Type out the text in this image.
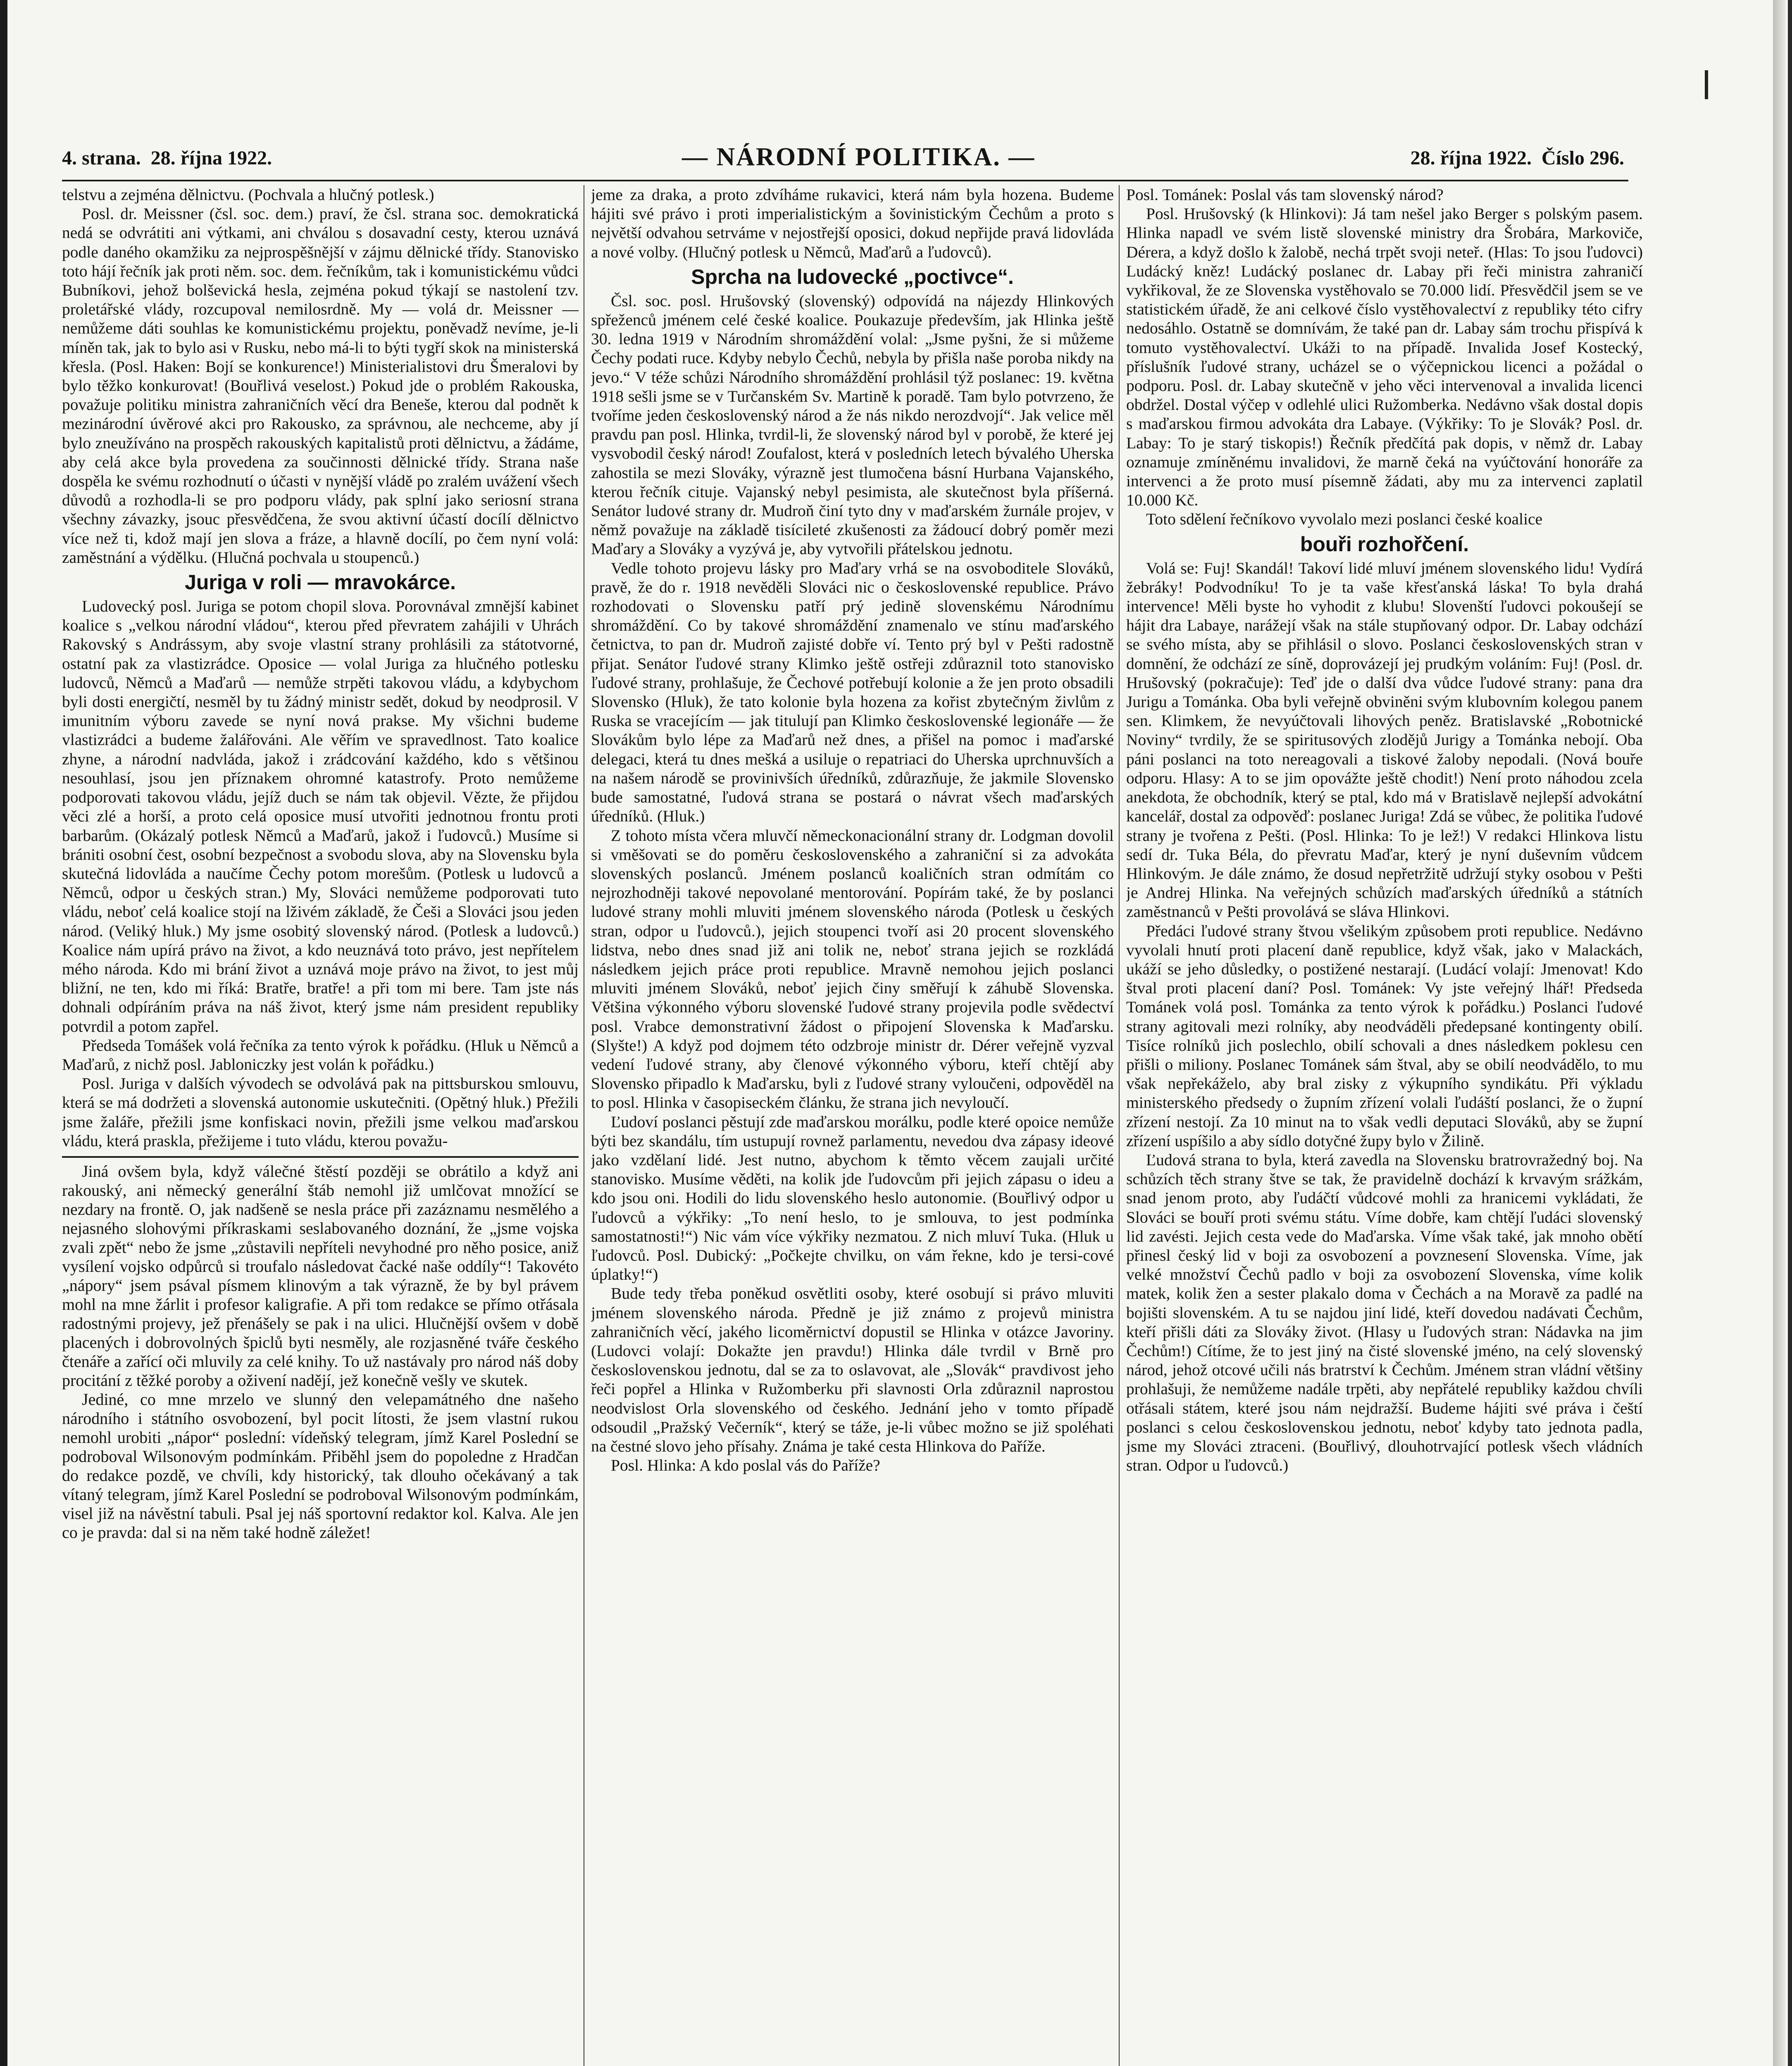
4. strana. 28. října 1922.	— NÁRODNÍ POLITIKA. —	28. října 1922. Číslo 296.

telstvu a zejména dělnictvu. (Pochvala a hlučný potlesk.)

Posl. dr. Meissner (čsl. soc. dem.) praví, že čsl. strana soc. demokratická nedá se odvrátiti ani výtkami, ani chválou s dosavadní cesty, kterou uznává podle daného okamžiku za nejprospěšnější v zájmu dělnické třídy. Stanovisko toto hájí řečník jak proti něm. soc. dem. řečníkům, tak i komunistickému vůdci Bubníkovi, jehož bolševická hesla, zejména pokud týkají se nastolení tzv. proletářské vlády, rozcupoval nemilosrdně. My — volá dr. Meissner — nemůžeme dáti souhlas ke komunistickému projektu, poněvadž nevíme, je-li míněn tak, jak to bylo asi v Rusku, nebo má-li to býti tygří skok na ministerská křesla. (Posl. Haken: Bojí se konkurence!) Ministerialistovi dru Šmeralovi by bylo těžko konkurovat! (Bouřlivá veselost.) Pokud jde o problém Rakouska, považuje politiku ministra zahraničních věcí dra Beneše, kterou dal podnět k mezinárodní úvěrové akci pro Rakousko, za správnou, ale nechceme, aby jí bylo zneužíváno na prospěch rakouských kapitalistů proti dělnictvu, a žádáme, aby celá akce byla provedena za součinnosti dělnické třídy. Strana naše dospěla ke svému rozhodnutí o účasti v nynější vládě po zralém uvážení všech důvodů a rozhodla-li se pro podporu vlády, pak splní jako seriosní strana všechny závazky, jsouc přesvědčena, že svou aktivní účastí docílí dělnictvo více než ti, kdož mají jen slova a fráze, a hlavně docílí, po čem nyní volá: zaměstnání a výdělku. (Hlučná pochvala u stoupenců.)

Juriga v roli — mravokárce.

Ludovecký posl. Juriga se potom chopil slova. Porovnával zmnější kabinet koalice s „velkou národní vládou“, kterou před převratem zahájili v Uhrách Rakovský s Andrássym, aby svoje vlastní strany prohlásili za státotvorné, ostatní pak za vlastizrádce. Oposice — volal Juriga za hlučného potlesku ludovců, Němců a Maďarů — nemůže strpěti takovou vládu, a kdybychom byli dosti energičtí, nesměl by tu žádný ministr sedět, dokud by neodprosil. V imunitním výboru zavede se nyní nová prakse. My všichni budeme vlastizrádci a budeme žalářováni. Ale věřím ve spravedlnost. Tato koalice zhyne, a národní nadvláda, jakož i zrádcování každého, kdo s většinou nesouhlasí, jsou jen příznakem ohromné katastrofy. Proto nemůžeme podporovati takovou vládu, jejíž duch se nám tak objevil. Vězte, že přijdou věci zlé a horší, a proto celá oposice musí utvořiti jednotnou frontu proti barbarům. (Okázalý potlesk Němců a Maďarů, jakož i ľudovců.) Musíme si brániti osobní čest, osobní bezpečnost a svobodu slova, aby na Slovensku byla skutečná lidovláda a naučíme Čechy potom morešům. (Potlesk u ludovců a Němců, odpor u českých stran.) My, Slováci nemůžeme podporovati tuto vládu, neboť celá koalice stojí na lživém základě, že Češi a Slováci jsou jeden národ. (Veliký hluk.) My jsme osobitý slovenský národ. (Potlesk a ludovců.) Koalice nám upírá právo na život, a kdo neuznává toto právo, jest nepřítelem mého národa. Kdo mi brání život a uznává moje právo na život, to jest můj bližní, ne ten, kdo mi říká: Bratře, bratře! a při tom mi bere. Tam jste nás dohnali odpíráním práva na náš život, který jsme nám president republiky potvrdil a potom zapřel.

Předseda Tomášek volá řečníka za tento výrok k pořádku. (Hluk u Němců a Maďarů, z nichž posl. Jabloniczky jest volán k pořádku.)

Posl. Juriga v dalších vývodech se odvolává pak na pittsburskou smlouvu, která se má dodržeti a slovenská autonomie uskutečniti. (Opětný hluk.) Přežili jsme žaláře, přežili jsme konfiskaci novin, přežili jsme velkou maďarskou vládu, která praskla, přežijeme i tuto vládu, kterou považu-

Jiná ovšem byla, když válečné štěstí později se obrátilo a když ani rakouský, ani německý generální štáb nemohl již umlčovat množící se nezdary na frontě. O, jak nadšeně se nesla práce při zazáznamu nesmělého a nejasného slohovými příkraskami seslabovaného doznání, že „jsme vojska zvali zpět“ nebo že jsme „zůstavili nepříteli nevyhodné pro něho posice, aniž vysílení vojsko odpůrců si troufalo následovat čacké naše oddíly“! Takovéto „nápory“ jsem psával písmem klinovým a tak výrazně, že by byl právem mohl na mne žárlit i profesor kaligrafie. A při tom redakce se přímo otřásala radostnými projevy, jež přenášely se pak i na ulici. Hlučnější ovšem v době placených i dobrovolných špiclů byti nesměly, ale rozjasněné tváře českého čtenáře a zařící oči mluvily za celé knihy. To už nastávaly pro národ náš doby procitání z těžké poroby a oživení nadějí, jež konečně vešly ve skutek.

Jediné, co mne mrzelo ve slunný den velepamátného dne našeho národního i státního osvobození, byl pocit lítosti, že jsem vlastní rukou nemohl urobiti „nápor“ poslední: vídeňský telegram, jímž Karel Poslední se podroboval Wilsonovým podmínkám. Přiběhl jsem do popoledne z Hradčan do redakce pozdě, ve chvíli, kdy historický, tak dlouho očekávaný a tak vítaný telegram, jímž Karel Poslední se podroboval Wilsonovým podmínkám, visel již na návěstní tabuli. Psal jej náš sportovní redaktor kol. Kalva. Ale jen co je pravda: dal si na něm také hodně záležet!

jeme za draka, a proto zdvíháme rukavici, která nám byla hozena. Budeme hájiti své právo i proti imperialistickým a šovinistickým Čechům a proto s největší odvahou setrváme v nejostřejší oposici, dokud nepřijde pravá lidovláda a nové volby. (Hlučný potlesk u Němců, Maďarů a ľudovců).

Sprcha na ludovecké „poctivce“.

Čsl. soc. posl. Hrušovský (slovenský) odpovídá na nájezdy Hlinkových spřeženců jménem celé české koalice. Poukazuje především, jak Hlinka ještě 30. ledna 1919 v Národním shromáždění volal: „Jsme pyšni, že si můžeme Čechy podati ruce. Kdyby nebylo Čechů, nebyla by přišla naše poroba nikdy na jevo.“ V téže schůzi Národního shromáždění prohlásil týž poslanec: 19. května 1918 sešli jsme se v Turčanském Sv. Martině k poradě. Tam bylo potvrzeno, že tvoříme jeden československý národ a že nás nikdo nerozdvojí“. Jak velice měl pravdu pan posl. Hlinka, tvrdil-li, že slovenský národ byl v porobě, že které jej vysvobodil český národ! Zoufalost, která v posledních letech bývalého Uherska zahostila se mezi Slováky, výrazně jest tlumočena básní Hurbana Vajanského, kterou řečník cituje. Vajanský nebyl pesimista, ale skutečnost byla příšerná. Senátor ludové strany dr. Mudroň činí tyto dny v maďarském žurnále projev, v němž považuje na základě tisícileté zkušenosti za žádoucí dobrý poměr mezi Maďary a Slováky a vyzývá je, aby vytvořili přátelskou jednotu.

Vedle tohoto projevu lásky pro Maďary vrhá se na osvoboditele Slováků, pravě, že do r. 1918 nevěděli Slováci nic o československé republice. Právo rozhodovati o Slovensku patří prý jedině slovenskému Národnímu shromáždění. Co by takové shromáždění znamenalo ve stínu maďarského četnictva, to pan dr. Mudroň zajisté dobře ví. Tento prý byl v Pešti radostně přijat. Senátor ľudové strany Klimko ještě ostřeji zdůraznil toto stanovisko ľudové strany, prohlašuje, že Čechové potřebují kolonie a že jen proto obsadili Slovensko (Hluk), že tato kolonie byla hozena za kořist zbytečným živlům z Ruska se vracejícím — jak titulují pan Klimko československé legionáře — že Slovákům bylo lépe za Maďarů než dnes, a přišel na pomoc i maďarské delegaci, která tu dnes mešká a usiluje o repatriaci do Uherska uprchnuvších a na našem národě se provinivších úředníků, zdůrazňuje, že jakmile Slovensko bude samostatné, ľudová strana se postará o návrat všech maďarských úředníků. (Hluk.)

Z tohoto místa včera mluvčí německonacionální strany dr. Lodgman dovolil si vměšovati se do poměru československého a zahraniční si za advokáta slovenských poslanců. Jménem poslanců koaličních stran odmítám co nejrozhodněji takové nepovolané mentorování. Popírám také, že by poslanci ludové strany mohli mluviti jménem slovenského národa (Potlesk u českých stran, odpor u ľudovců.), jejich stoupenci tvoří asi 20 procent slovenského lidstva, nebo dnes snad již ani tolik ne, neboť strana jejich se rozkládá následkem jejich práce proti republice. Mravně nemohou jejich poslanci mluviti jménem Slováků, neboť jejich činy směřují k záhubě Slovenska. Většina výkonného výboru slovenské ľudové strany projevila podle svědectví posl. Vrabce demonstrativní žádost o připojení Slovenska k Maďarsku. (Slyšte!) A když pod dojmem této odzbroje ministr dr. Dérer veřejně vyzval vedení ľudové strany, aby členové výkonného výboru, kteří chtějí aby Slovensko připadlo k Maďarsku, byli z ľudové strany vyloučeni, odpověděl na to posl. Hlinka v časopiseckém článku, že strana jich nevyloučí.

Ľudoví poslanci pěstují zde maďarskou morálku, podle které opoice nemůže býti bez skandálu, tím ustupují rovnež parlamentu, nevedou dva zápasy ideové jako vzdělaní lidé. Jest nutno, abychom k těmto věcem zaujali určité stanovisko. Musíme věděti, na kolik jde ľudovcům při jejich zápasu o ideu a kdo jsou oni. Hodili do lidu slovenského heslo autonomie. (Bouřlivý odpor u ľudovců a výkřiky: „To není heslo, to je smlouva, to jest podmínka samostatnosti!“) Nic vám více výkřiky nezmatou. Z nich mluví Tuka. (Hluk u ľudovců. Posl. Dubický: „Počkejte chvilku, on vám řekne, kdo je tersi-cové úplatky!“)

Bude tedy třeba poněkud osvětliti osoby, které osobují si právo mluviti jménem slovenského národa. Předně je již známo z projevů ministra zahraničních věcí, jakého licoměrnictví dopustil se Hlinka v otázce Javoriny. (Ludovci volají: Dokažte jen pravdu!) Hlinka dále tvrdil v Brně pro československou jednotu, dal se za to oslavovat, ale „Slovák“ pravdivost jeho řeči popřel a Hlinka v Ružomberku při slavnosti Orla zdůraznil naprostou neodvislost Orla slovenského od českého. Jednání jeho v tomto případě odsoudil „Pražský Večerník“, který se táže, je-li vůbec možno se již spoléhati na čestné slovo jeho přísahy. Známa je také cesta Hlinkova do Paříže.

Posl. Hlinka: A kdo poslal vás do Paříže?

Posl. Tománek: Poslal vás tam slovenský národ?

Posl. Hrušovský (k Hlinkovi): Já tam nešel jako Berger s polským pasem. Hlinka napadl ve svém listě slovenské ministry dra Šrobára, Markoviče, Dérera, a když došlo k žalobě, nechá trpět svoji neteř. (Hlas: To jsou ľudovci) Ludácký kněz! Ludácký poslanec dr. Labay při řeči ministra zahraničí vykřikoval, že ze Slovenska vystěhovalo se 70.000 lidí. Přesvědčil jsem se ve statistickém úřadě, že ani celkové číslo vystěhovalectví z republiky této cifry nedosáhlo. Ostatně se domnívám, že také pan dr. Labay sám trochu přispívá k tomuto vystěhovalectví. Ukáži to na případě. Invalida Josef Kostecký, příslušník ľudové strany, ucházel se o výčepnickou licenci a požádal o podporu. Posl. dr. Labay skutečně v jeho věci intervenoval a invalida licenci obdržel. Dostal výčep v odlehlé ulici Ružomberka. Nedávno však dostal dopis s maďarskou firmou advokáta dra Labaye. (Výkřiky: To je Slovák? Posl. dr. Labay: To je starý tiskopis!) Řečník předčítá pak dopis, v němž dr. Labay oznamuje zmíněnému invalidovi, že marně čeká na vyúčtování honoráře za intervenci a že proto musí písemně žádati, aby mu za intervenci zaplatil 10.000 Kč.

Toto sdělení řečníkovo vyvolalo mezi poslanci české koalice

bouři rozhořčení.

Volá se: Fuj! Skandál! Takoví lidé mluví jménem slovenského lidu! Vydírá žebráky! Podvodníku! To je ta vaše křesťanská láska! To byla drahá intervence! Měli byste ho vyhodit z klubu! Slovenští ľudovci pokoušejí se hájit dra Labaye, narážejí však na stále stupňovaný odpor. Dr. Labay odchází se svého místa, aby se přihlásil o slovo. Poslanci československých stran v domnění, že odchází ze síně, doprovázejí jej prudkým voláním: Fuj! (Posl. dr. Hrušovský (pokračuje): Teď jde o další dva vůdce ľudové strany: pana dra Jurigu a Tománka. Oba byli veřejně obviněni svým klubovním kolegou panem sen. Klimkem, že nevyúčtovali lihových peněz. Bratislavské „Robotnické Noviny“ tvrdily, že se spiritusových zlodějů Jurigy a Tománka nebojí. Oba páni poslanci na toto nereagovali a tiskové žaloby nepodali. (Nová bouře odporu. Hlasy: A to se jim opovážte ještě chodit!) Není proto náhodou zcela anekdota, že obchodník, který se ptal, kdo má v Bratislavě nejlepší advokátní kancelář, dostal za odpověď: poslanec Juriga! Zdá se vůbec, že politika ľudové strany je tvořena z Pešti. (Posl. Hlinka: To je lež!) V redakci Hlinkova listu sedí dr. Tuka Béla, do převratu Maďar, který je nyní duševním vůdcem Hlinkovým. Je dále známo, že dosud nepřetržitě udržují styky osobou v Pešti je Andrej Hlinka. Na veřejných schůzích maďarských úředníků a státních zaměstnanců v Pešti provolává se sláva Hlinkovi.

Předáci ľudové strany štvou všelikým způsobem proti republice. Nedávno vyvolali hnutí proti placení daně republice, když však, jako v Malackách, ukáží se jeho důsledky, o postižené nestarají. (Ludácí volají: Jmenovat! Kdo štval proti placení daní? Posl. Tománek: Vy jste veřejný lhář! Předseda Tománek volá posl. Tománka za tento výrok k pořádku.) Poslanci ľudové strany agitovali mezi rolníky, aby neodváděli předepsané kontingenty obilí. Tisíce rolníků jich poslechlo, obilí schovali a dnes následkem poklesu cen přišli o miliony. Poslanec Tománek sám štval, aby se obilí neodvádělo, to mu však nepřekáželo, aby bral zisky z výkupního syndikátu. Při výkladu ministerského předsedy o župním zřízení volali ľudáští poslanci, že o župní zřízení nestojí. Za 10 minut na to však vedli deputaci Slováků, aby se župní zřízení uspíšilo a aby sídlo dotyčné župy bylo v Žilině.

Ľudová strana to byla, která zavedla na Slovensku bratrovražedný boj. Na schůzích těch strany štve se tak, že pravidelně dochází k krvavým srážkám, snad jenom proto, aby ľudáčtí vůdcové mohli za hranicemi vykládati, že Slováci se bouří proti svému státu. Víme dobře, kam chtějí ľudáci slovenský lid zavésti. Jejich cesta vede do Maďarska. Víme však také, jak mnoho obětí přinesl český lid v boji za osvobození a povznesení Slovenska. Víme, jak velké množství Čechů padlo v boji za osvobození Slovenska, víme kolik matek, kolik žen a sester plakalo doma v Čechách a na Moravě za padlé na bojišti slovenském. A tu se najdou jiní lidé, kteří dovedou nadávati Čechům, kteří přišli dáti za Slováky život. (Hlasy u ľudových stran: Nádavka na jim Čechům!) Cítíme, že to jest jiný na čisté slovenské jméno, na celý slovenský národ, jehož otcové učili nás bratrství k Čechům. Jménem stran vládní většiny prohlašuji, že nemůžeme nadále trpěti, aby nepřátelé republiky každou chvíli otřásali státem, které jsou nám nejdražší. Budeme hájiti své práva i čeští poslanci s celou československou jednotu, neboť kdyby tato jednota padla, jsme my Slováci ztraceni. (Bouřlivý, dlouhotrvající potlesk všech vládních stran. Odpor u ľudovců.)
